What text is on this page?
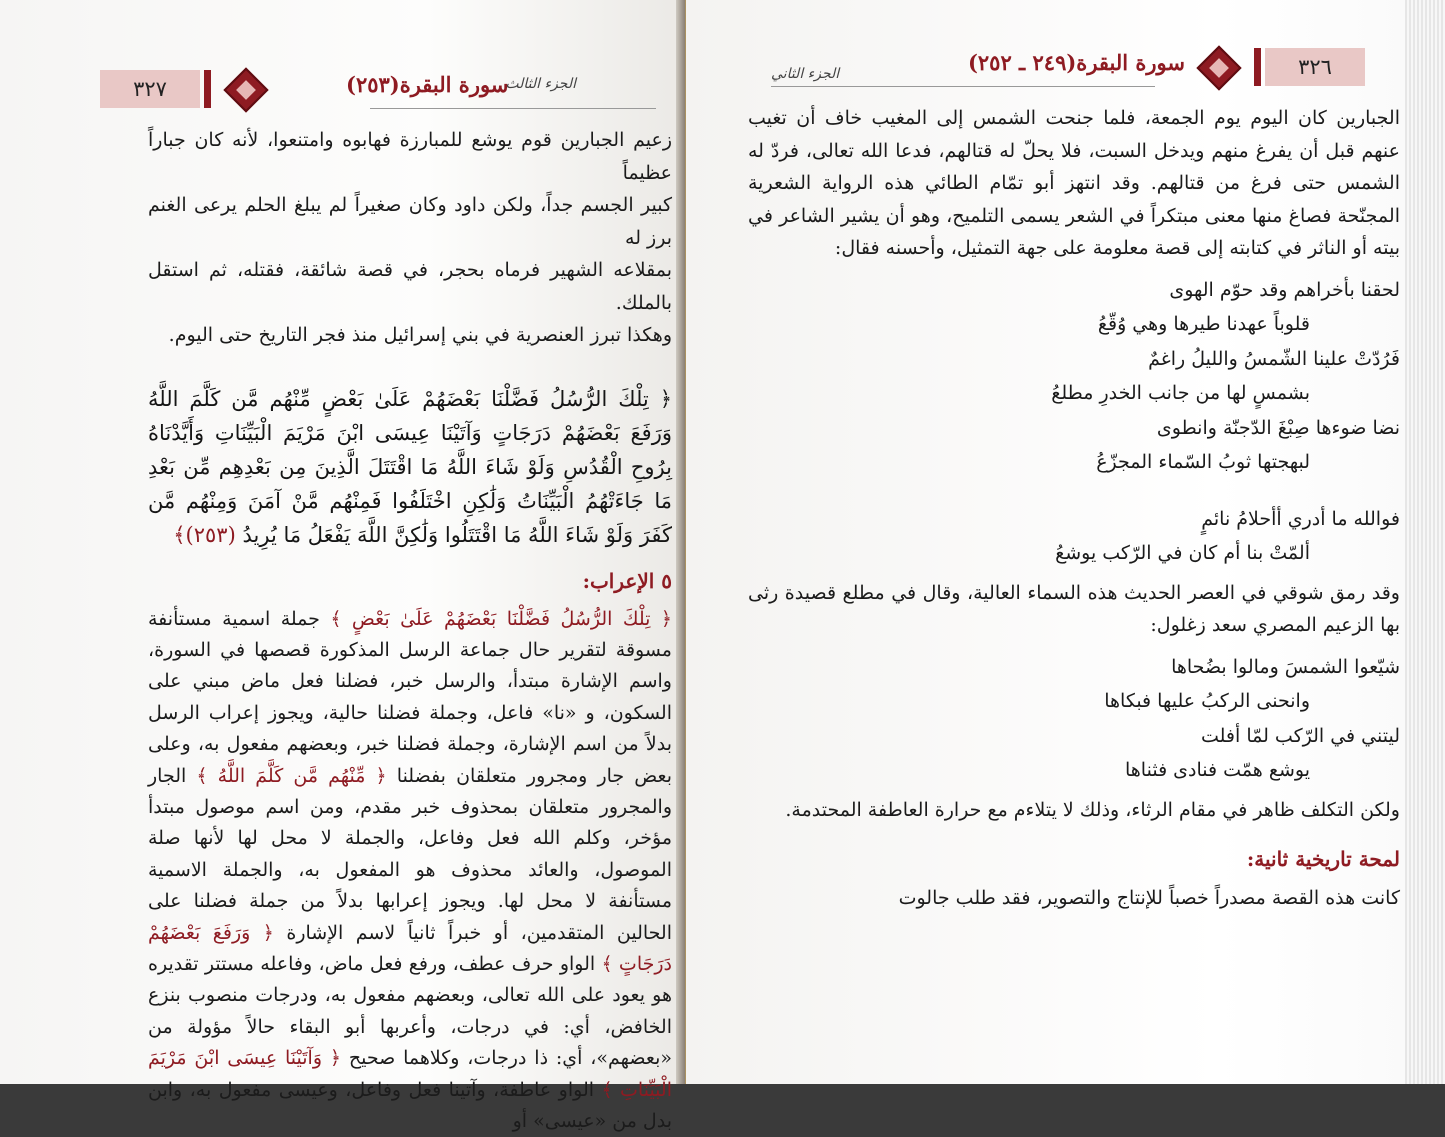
٣٢٧	سورة البقرة(٢٥٣)
الجزء الثالث

زعيم الجبارين قوم يوشع للمبارزة فهابوه وامتنعوا، لأنه كان جباراً عظيماً

كبير الجسم جداً، ولكن داود وكان صغيراً لم يبلغ الحلم يرعى الغنم برز له

بمقلاعه الشهير فرماه بحجر، في قصة شائقة، فقتله، ثم استقل بالملك.

وهكذا تبرز العنصرية في بني إسرائيل منذ فجر التاريخ حتى اليوم.

﴿ تِلْكَ الرُّسُلُ فَضَّلْنَا بَعْضَهُمْ عَلَىٰ بَعْضٍ مِّنْهُم مَّن كَلَّمَ اللَّهُ وَرَفَعَ بَعْضَهُمْ دَرَجَاتٍ وَآتَيْنَا عِيسَى ابْنَ مَرْيَمَ الْبَيِّنَاتِ وَأَيَّدْنَاهُ بِرُوحِ الْقُدُسِ وَلَوْ شَاءَ اللَّهُ مَا اقْتَتَلَ الَّذِينَ مِن بَعْدِهِم مِّن بَعْدِ مَا جَاءَتْهُمُ الْبَيِّنَاتُ وَلَٰكِنِ اخْتَلَفُوا فَمِنْهُم مَّنْ آمَنَ وَمِنْهُم مَّن كَفَرَ وَلَوْ شَاءَ اللَّهُ مَا اقْتَتَلُوا وَلَٰكِنَّ اللَّهَ يَفْعَلُ مَا يُرِيدُ (٢٥٣)﴾

٥ الإعراب:

﴿ تِلْكَ الرُّسُلُ فَضَّلْنَا بَعْضَهُمْ عَلَىٰ بَعْضٍ ﴾ جملة اسمية مستأنفة مسوقة لتقرير حال جماعة الرسل المذكورة قصصها في السورة، واسم الإشارة مبتدأ، والرسل خبر، فضلنا فعل ماض مبني على السكون، و «نا» فاعل، وجملة فضلنا حالية، ويجوز إعراب الرسل بدلاً من اسم الإشارة، وجملة فضلنا خبر، وبعضهم مفعول به، وعلى بعض جار ومجرور متعلقان بفضلنا ﴿ مِّنْهُم مَّن كَلَّمَ اللَّهُ ﴾ الجار والمجرور متعلقان بمحذوف خبر مقدم، ومن اسم موصول مبتدأ مؤخر، وكلم الله فعل وفاعل، والجملة لا محل لها لأنها صلة الموصول، والعائد محذوف هو المفعول به، والجملة الاسمية مستأنفة لا محل لها. ويجوز إعرابها بدلاً من جملة فضلنا على الحالين المتقدمين، أو خبراً ثانياً لاسم الإشارة ﴿ وَرَفَعَ بَعْضَهُمْ دَرَجَاتٍ ﴾ الواو حرف عطف، ورفع فعل ماض، وفاعله مستتر تقديره هو يعود على الله تعالى، وبعضهم مفعول به، ودرجات منصوب بنزع الخافض، أي: في درجات، وأعربها أبو البقاء حالاً مؤولة من «بعضهم»، أي: ذا درجات، وكلاهما صحيح ﴿ وَآتَيْنَا عِيسَى ابْنَ مَرْيَمَ الْبَيِّنَاتِ ﴾ الواو عاطفة، وآتينا فعل وفاعل، وعيسى مفعول به، وابن بدل من «عيسى» أو

٣٢٦
سورة البقرة(٢٤٩ ـ ٢٥٢)
الجزء الثاني

الجبارين كان اليوم يوم الجمعة، فلما جنحت الشمس إلى المغيب خاف أن تغيب عنهم قبل أن يفرغ منهم ويدخل السبت، فلا يحلّ له قتالهم، فدعا الله تعالى، فردّ له الشمس حتى فرغ من قتالهم. وقد انتهز أبو تمّام الطائي هذه الرواية الشعرية المجنّحة فصاغ منها معنى مبتكراً في الشعر يسمى التلميح، وهو أن يشير الشاعر في بيته أو الناثر في كتابته إلى قصة معلومة على جهة التمثيل، وأحسنه فقال:

لحقنا بأخراهم وقد حوّم الهوى

قلوباً عهدنا طيرها وهي وُقّعُ

فَرُدّتْ علينا الشّمسُ والليلُ راغمٌ

بشمسٍ لها من جانب الخدرِ مطلعُ

نضا ضوءها صِبْغَ الدّجنّة وانطوى

لبهجتها ثوبُ السّماء المجزّعُ

فوالله ما أدري أأحلامُ نائمٍ

ألمّتْ بنا أم كان في الرّكب يوشعُ

وقد رمق شوقي في العصر الحديث هذه السماء العالية، وقال في مطلع قصيدة رثى بها الزعيم المصري سعد زغلول:

شيّعوا الشمسَ ومالوا بضُحاها

وانحنى الركبُ عليها فبكاها

ليتني في الرّكب لمّا أفلت

يوشع همّت فنادى فثناها

ولكن التكلف ظاهر في مقام الرثاء، وذلك لا يتلاءم مع حرارة العاطفة المحتدمة.

لمحة تاريخية ثانية:

كانت هذه القصة مصدراً خصباً للإنتاج والتصوير، فقد طلب جالوت
